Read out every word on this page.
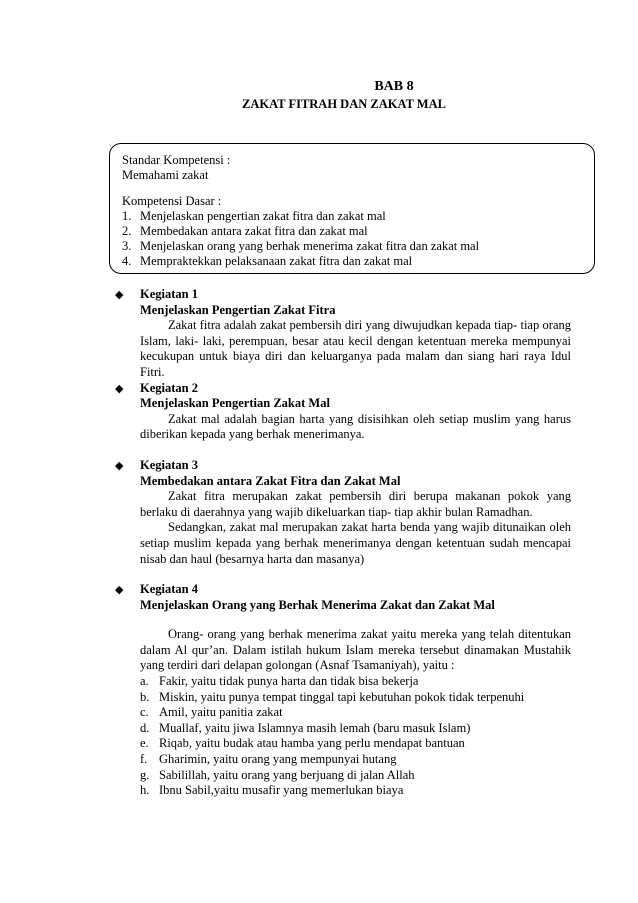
BAB 8
ZAKAT FITRAH DAN ZAKAT MAL
Standar Kompetensi :
Memahami zakat
Kompetensi Dasar :
1. Menjelaskan pengertian zakat fitra dan zakat mal
2. Membedakan antara zakat fitra dan zakat mal
3. Menjelaskan orang yang berhak menerima zakat fitra dan zakat mal
4. Mempraktekkan pelaksanaan zakat fitra dan zakat mal
◆ Kegiatan 1
Menjelaskan Pengertian Zakat Fitra
Zakat fitra adalah zakat pembersih diri yang diwujudkan kepada tiap- tiap orang Islam, laki- laki, perempuan, besar atau kecil dengan ketentuan mereka mempunyai kecukupan untuk biaya diri dan keluarganya pada malam dan siang hari raya Idul Fitri.
◆ Kegiatan 2
Menjelaskan Pengertian Zakat Mal
Zakat mal adalah bagian harta yang disisihkan oleh setiap muslim yang harus diberikan kepada yang berhak menerimanya.
◆ Kegiatan 3
Membedakan antara Zakat Fitra dan Zakat Mal
Zakat fitra merupakan zakat pembersih diri berupa makanan pokok yang berlaku di daerahnya yang wajib dikeluarkan tiap- tiap akhir bulan Ramadhan.
Sedangkan, zakat mal merupakan zakat harta benda yang wajib ditunaikan oleh setiap muslim kepada yang berhak menerimanya dengan ketentuan sudah mencapai nisab dan haul (besarnya harta dan masanya)
◆ Kegiatan 4
Menjelaskan Orang yang Berhak Menerima Zakat dan Zakat Mal
Orang- orang yang berhak menerima zakat yaitu mereka yang telah ditentukan dalam Al qur’an. Dalam istilah hukum Islam mereka tersebut dinamakan Mustahik yang terdiri dari delapan golongan (Asnaf Tsamaniyah), yaitu :
a. Fakir, yaitu tidak punya harta dan tidak bisa bekerja
b. Miskin, yaitu punya tempat tinggal tapi kebutuhan pokok tidak terpenuhi
c. Amil, yaitu panitia zakat
d. Muallaf, yaitu jiwa Islamnya masih lemah (baru masuk Islam)
e. Riqab, yaitu budak atau hamba yang perlu mendapat bantuan
f. Gharimin, yaitu orang yang mempunyai hutang
g. Sabilillah, yaitu orang yang berjuang di jalan Allah
h. Ibnu Sabil,yaitu musafir yang memerlukan biaya
